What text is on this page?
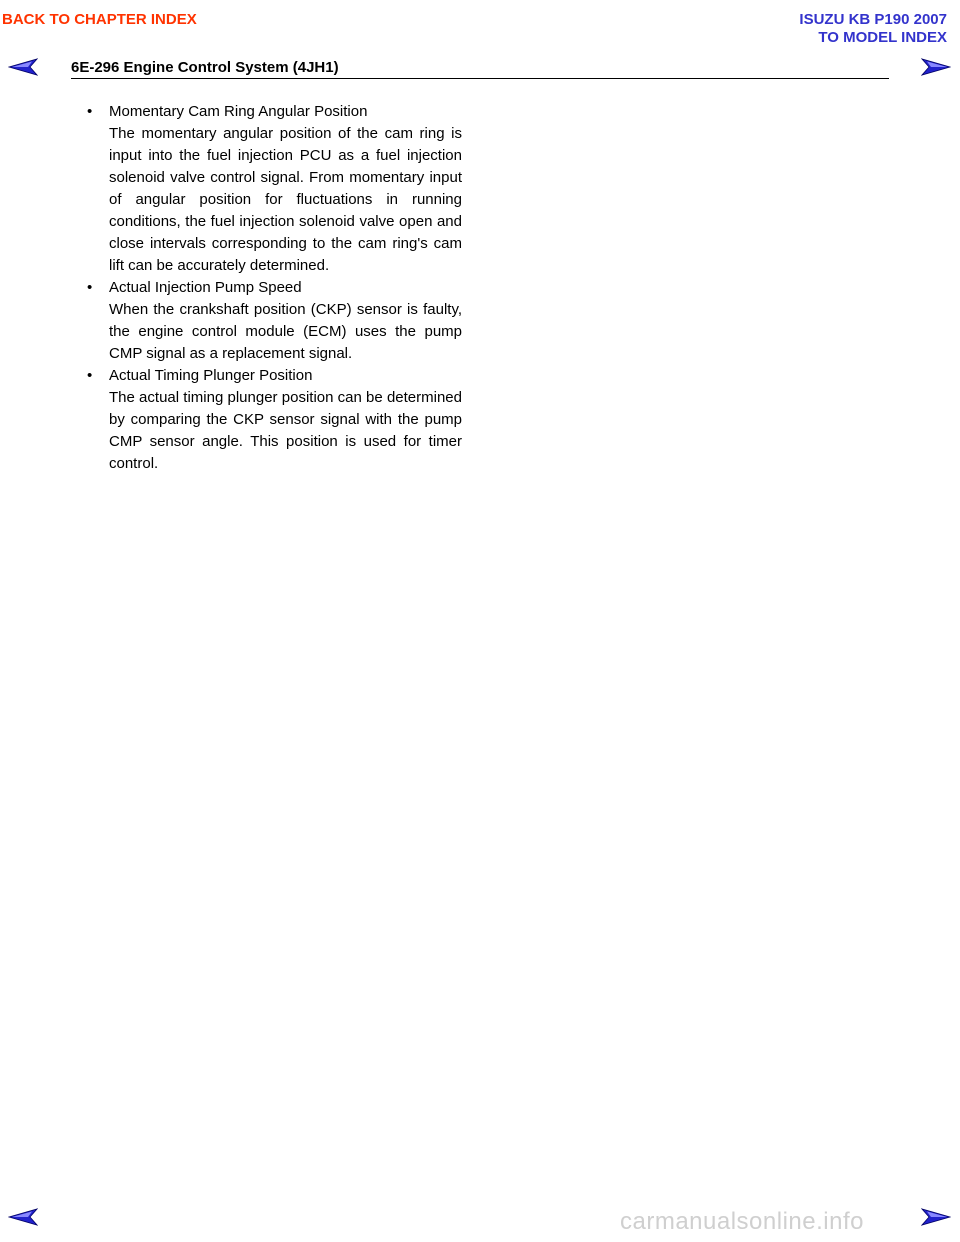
BACK TO CHAPTER INDEX	ISUZU KB P190 2007
TO MODEL INDEX
6E-296 Engine Control System (4JH1)
• Momentary Cam Ring Angular Position
The momentary angular position of the cam ring is input into the fuel injection PCU as a fuel injection solenoid valve control signal. From momentary input of angular position for fluctuations in running conditions, the fuel injection solenoid valve open and close intervals corresponding to the cam ring's cam lift can be accurately determined.
• Actual Injection Pump Speed
When the crankshaft position (CKP) sensor is faulty, the engine control module (ECM) uses the pump CMP signal as a replacement signal.
• Actual Timing Plunger Position
The actual timing plunger position can be determined by comparing the CKP sensor signal with the pump CMP sensor angle. This position is used for timer control.
carmanualsonline.info
